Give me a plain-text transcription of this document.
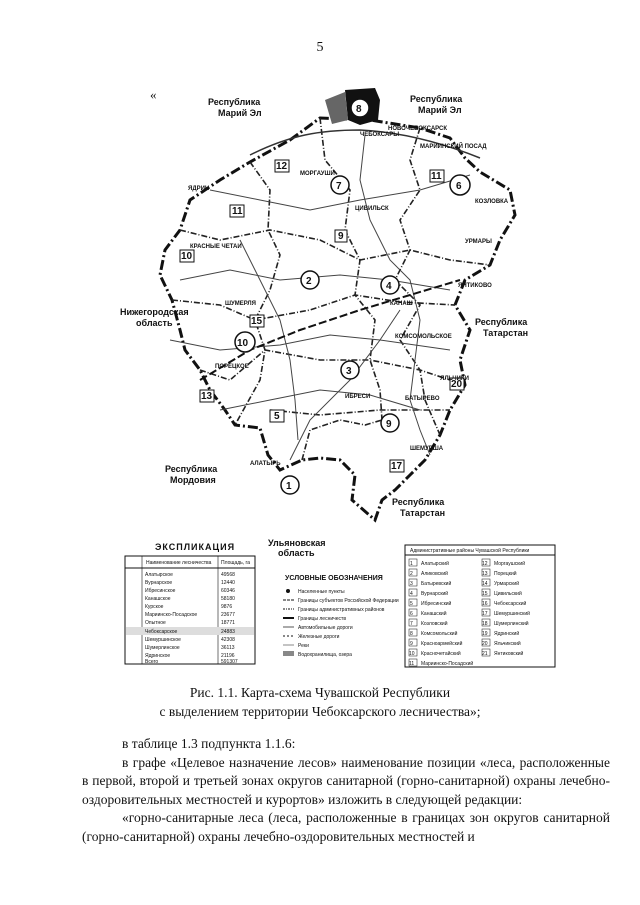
5
«
8
6
7
11
9
2	4
10
3
5
9
1
11
12
15
20
17
13
10
Республика
Марий Эл
Республика
Марий Эл
Нижегородская
область	Республика
Татарстан
Республика
Мордовия
Республика
Татарстан
Ульяновская
область
ЧЕБОКСАРЫ
НОВОЧЕБОКСАРСК
МАРИИНСКИЙ ПОСАД
КОЗЛОВКА
ЯДРИН
КРАСНЫЕ ЧЕТАИ
ШУМЕРЛЯ
УРМАРЫ
КАНАШ
ЯНТИКОВО
КОМСОМОЛЬСКОЕ
ПОРЕЦКОЕ
ЯЛЬЧИКИ
БАТЫРЕВО
ИБРЕСИ
ШЕМУРША
АЛАТЫРЬ
ЦИВИЛЬСК
МОРГАУШИ
ЭКСПЛИКАЦИЯ
Наименование лесничества Площадь, га
Алатырское	49568
Вурнарское	12440
Ибресинское	60346
Канашское	58180
Курское	9876
Мариинско-Посадское	23677
Опытное	18771
Чебоксарское	24883
Шемуршинское	42308
Шумерлинское	36113
Ядринское	21196
Всего	591307
УСЛОВНЫЕ ОБОЗНАЧЕНИЯ
Населенные пункты
Границы субъектов Российской Федерации
Границы административных районов
Границы лесничеств
Автомобильные дороги
Железные дороги
Реки
Водохранилища, озера
Административные районы Чувашской Республики
1 Алатырский
2 Аликовский
3 Батыревский
4 Вурнарский
5 Ибресинский
6 Канашский
7 Козловский
8 Комсомольский
9 Красноармейский
10 Красночетайский
11 Мариинско-Посадский
12 Моргаушский
13 Порецкий
14 Урмарский
15 Цивильский
16 Чебоксарский
17 Шемуршинский
18 Шумерлинский
19 Ядринский
20 Яльчикский
21 Янтиковский
Рис. 1.1. Карта-схема Чувашской Республики
с выделением территории Чебоксарского лесничества»;

в таблице 1.3 подпункта 1.1.6:

в графе «Целевое назначение лесов» наименование позиции «леса, расположенные в первой, второй и третьей зонах округов санитарной (горно-санитарной) охраны лечебно-оздоровительных местностей и курортов» изложить в следующей редакции:

«горно-санитарные леса (леса, расположенные в границах зон округов санитарной (горно-санитарной) охраны лечебно-оздоровительных местностей и
